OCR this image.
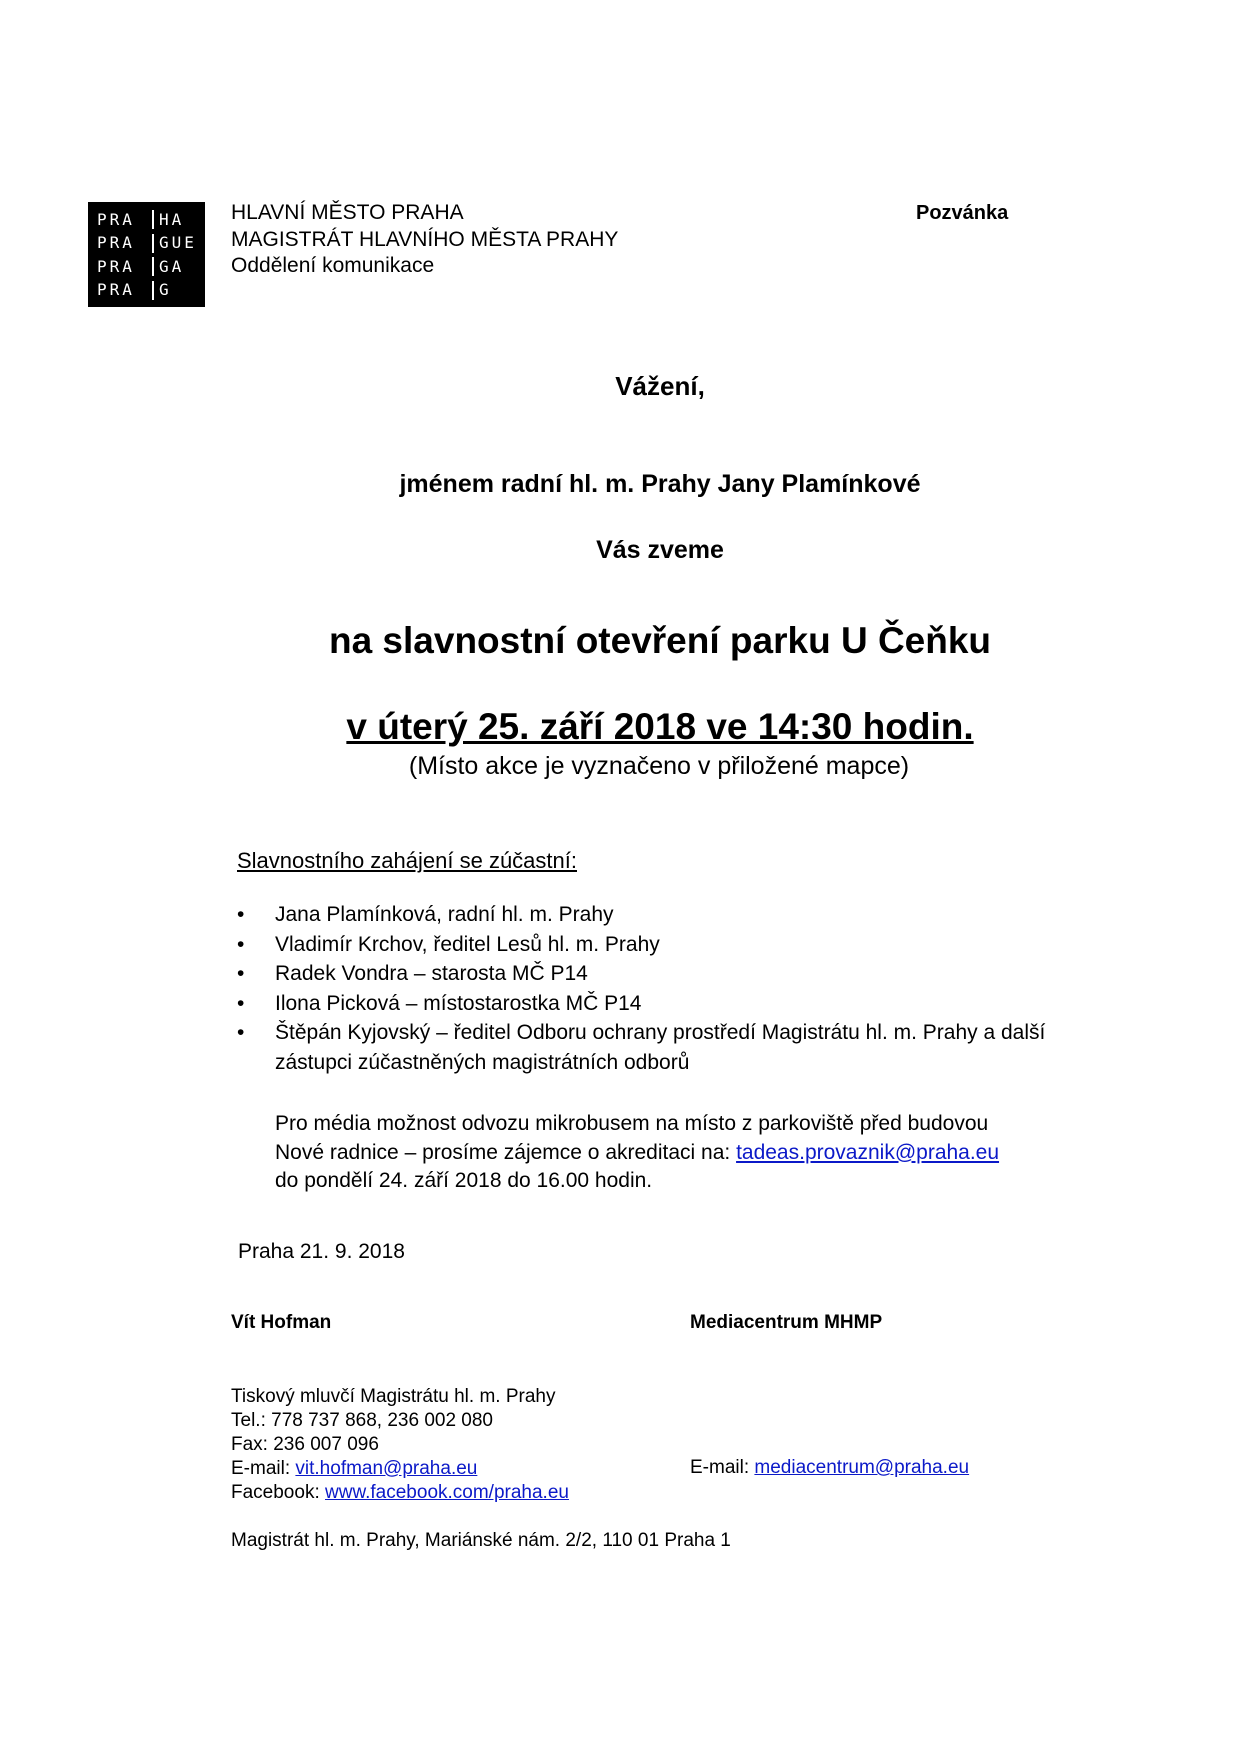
PRA	HA
PRA	GUE
PRA	GA
PRA	G
HLAVNÍ MĚSTO PRAHA
MAGISTRÁT HLAVNÍHO MĚSTA PRAHY
Oddělení komunikace
Pozvánka
Vážení,
jménem radní hl. m. Prahy Jany Plamínkové
Vás zveme
na slavnostní otevření parku U Čeňku
v úterý 25. září 2018 ve 14:30 hodin.
(Místo akce je vyznačeno v přiložené mapce)
Slavnostního zahájení se zúčastní:
• Jana Plamínková, radní hl. m. Prahy
• Vladimír Krchov, ředitel Lesů hl. m. Prahy
• Radek Vondra – starosta MČ P14
• Ilona Picková – místostarostka MČ P14
• Štěpán Kyjovský – ředitel Odboru ochrany prostředí Magistrátu hl. m. Prahy a další zástupci zúčastněných magistrátních odborů
Pro média možnost odvozu mikrobusem na místo z parkoviště před budovou
Nové radnice – prosíme zájemce o akreditaci na: tadeas.provaznik@praha.eu
do pondělí 24. září 2018 do 16.00 hodin.
Praha 21. 9. 2018
Vít Hofman	Mediacentrum MHMP
Tiskový mluvčí Magistrátu hl. m. Prahy
Tel.: 778 737 868, 236 002 080
Fax: 236 007 096
E-mail: vit.hofman@praha.eu
Facebook: www.facebook.com/praha.eu
E-mail: mediacentrum@praha.eu
Magistrát hl. m. Prahy, Mariánské nám. 2/2, 110 01 Praha 1
